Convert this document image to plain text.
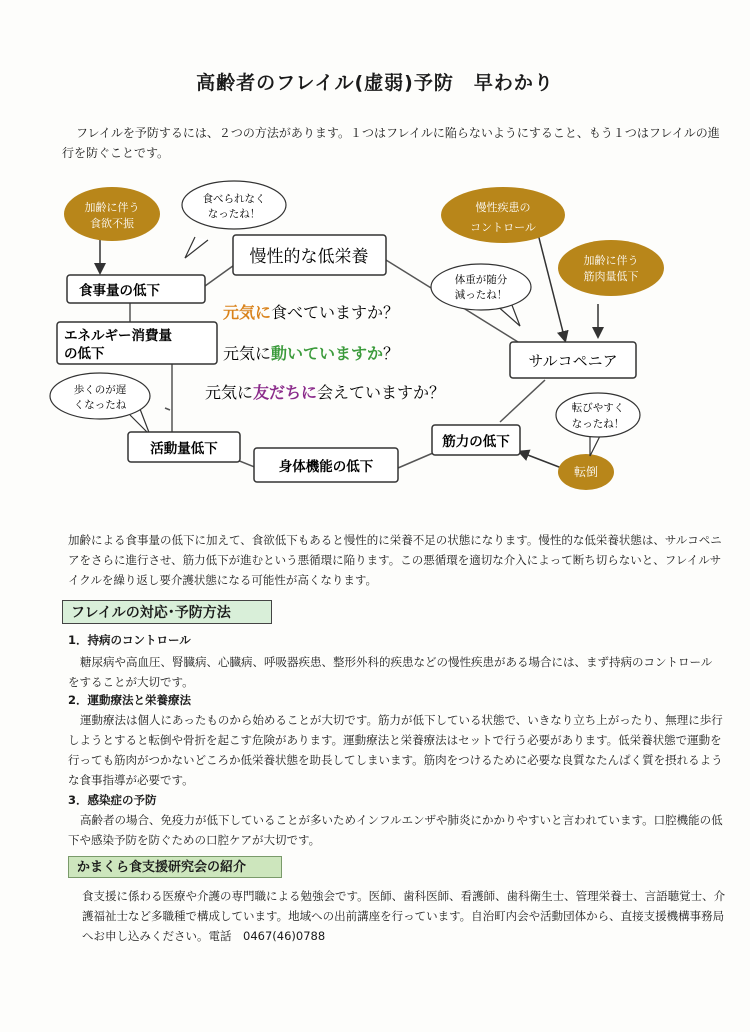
高齢者のフレイル(虚弱)予防　早わかり
フレイルを予防するには、２つの方法があります。１つはフレイルに陥らないようにすること、もう１つはフレイルの進行を防ぐことです。
加齢に伴う
食欲不振
慢性疾患の
コントロール
加齢に伴う
筋肉量低下
転倒
食べられなく
なったね！
体重が随分
減ったね！
歩くのが遅
くなったね	転びやすく
なったね！
食事量の低下
慢性的な低栄養
エネルギー消費量
の低下	サルコペニア
活動量低下	筋力の低下
身体機能の低下
元気に食べていますか？
元気に動いていますか？
元気に友だちに会えていますか？
加齢による食事量の低下に加えて、食欲低下もあると慢性的に栄養不足の状態になります。慢性的な低栄養状態は、サルコペニアをさらに進行させ、筋力低下が進むという悪循環に陥ります。この悪循環を適切な介入によって断ち切らないと、フレイルサイクルを繰り返し要介護状態になる可能性が高くなります。
フレイルの対応･予防方法
1．持病のコントロール
糖尿病や高血圧、腎臓病、心臓病、呼吸器疾患、整形外科的疾患などの慢性疾患がある場合には、まず持病のコントロールをすることが大切です。
2．運動療法と栄養療法
運動療法は個人にあったものから始めることが大切です。筋力が低下している状態で、いきなり立ち上がったり、無理に歩行しようとすると転倒や骨折を起こす危険があります。運動療法と栄養療法はセットで行う必要があります。低栄養状態で運動を行っても筋肉がつかないどころか低栄養状態を助長してしまいます。筋肉をつけるために必要な良質なたんぱく質を摂れるような食事指導が必要です。
3．感染症の予防
高齢者の場合、免疫力が低下していることが多いためインフルエンザや肺炎にかかりやすいと言われています。口腔機能の低下や感染予防を防ぐための口腔ケアが大切です。
かまくら食支援研究会の紹介
食支援に係わる医療や介護の専門職による勉強会です。医師、歯科医師、看護師、歯科衛生士、管理栄養士、言語聴覚士、介護福祉士など多職種で構成しています。地域への出前講座を行っています。自治町内会や活動団体から、直接支援機構事務局へお申し込みください。電話　0467(46)0788
